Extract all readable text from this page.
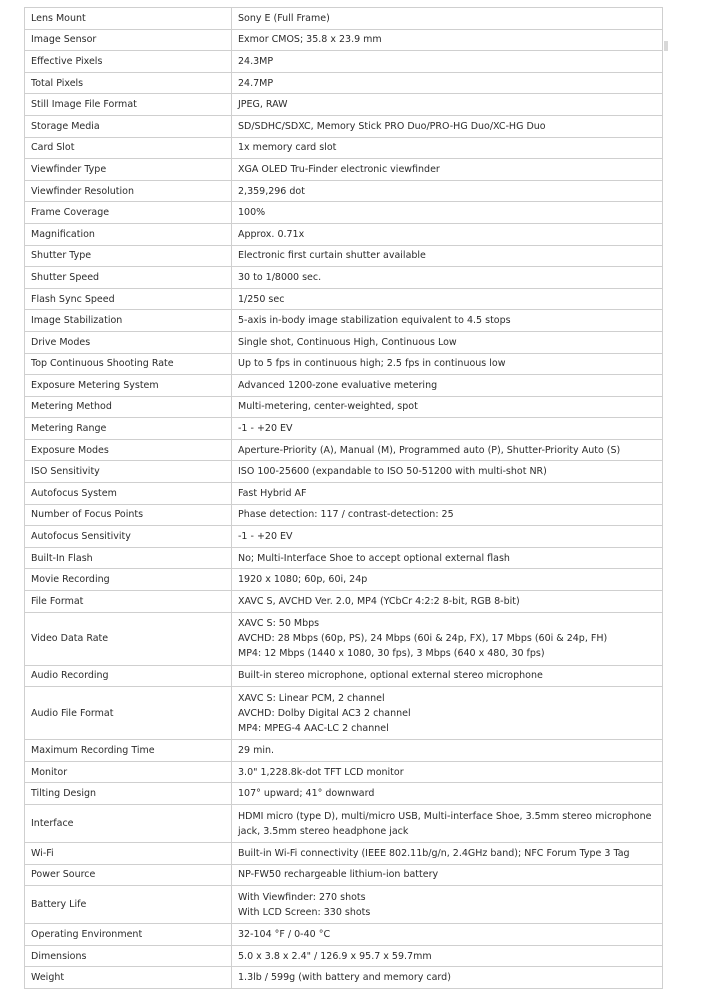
Lens Mount	Sony E (Full Frame)

Image Sensor	Exmor CMOS; 35.8 x 23.9 mm

Effective Pixels	24.3MP

Total Pixels	24.7MP

Still Image File Format	JPEG, RAW

Storage Media	SD/SDHC/SDXC, Memory Stick PRO Duo/PRO-HG Duo/XC-HG Duo

Card Slot	1x memory card slot

Viewfinder Type	XGA OLED Tru-Finder electronic viewfinder

Viewfinder Resolution	2,359,296 dot

Frame Coverage	100%

Magnification	Approx. 0.71x

Shutter Type	Electronic first curtain shutter available

Shutter Speed	30 to 1/8000 sec.

Flash Sync Speed	1/250 sec

Image Stabilization	5-axis in-body image stabilization equivalent to 4.5 stops

Drive Modes	Single shot, Continuous High, Continuous Low

Top Continuous Shooting Rate	Up to 5 fps in continuous high; 2.5 fps in continuous low

Exposure Metering System	Advanced 1200-zone evaluative metering

Metering Method	Multi-metering, center-weighted, spot

Metering Range	-1 - +20 EV

Exposure Modes	Aperture-Priority (A), Manual (M), Programmed auto (P), Shutter-Priority Auto (S)

ISO Sensitivity	ISO 100-25600 (expandable to ISO 50-51200 with multi-shot NR)

Autofocus System	Fast Hybrid AF

Number of Focus Points	Phase detection: 117 / contrast-detection: 25

Autofocus Sensitivity	-1 - +20 EV

Built-In Flash	No; Multi-Interface Shoe to accept optional external flash

Movie Recording	1920 x 1080; 60p, 60i, 24p

File Format	XAVC S, AVCHD Ver. 2.0, MP4 (YCbCr 4:2:2 8-bit, RGB 8-bit)

Video Data Rate	XAVC S: 50 Mbps
AVCHD: 28 Mbps (60p, PS), 24 Mbps (60i & 24p, FX), 17 Mbps (60i & 24p, FH)
MP4: 12 Mbps (1440 x 1080, 30 fps), 3 Mbps (640 x 480, 30 fps)

Audio Recording	Built-in stereo microphone, optional external stereo microphone

Audio File Format	XAVC S: Linear PCM, 2 channel
AVCHD: Dolby Digital AC3 2 channel
MP4: MPEG-4 AAC-LC 2 channel

Maximum Recording Time	29 min.

Monitor	3.0" 1,228.8k-dot TFT LCD monitor

Tilting Design	107° upward; 41° downward

Interface	HDMI micro (type D), multi/micro USB, Multi-interface Shoe, 3.5mm stereo microphone
jack, 3.5mm stereo headphone jack

Wi-Fi	Built-in Wi-Fi connectivity (IEEE 802.11b/g/n, 2.4GHz band); NFC Forum Type 3 Tag

Power Source	NP-FW50 rechargeable lithium-ion battery

Battery Life	With Viewfinder: 270 shots
With LCD Screen: 330 shots

Operating Environment	32-104 °F / 0-40 °C

Dimensions	5.0 x 3.8 x 2.4" / 126.9 x 95.7 x 59.7mm

Weight	1.3lb / 599g (with battery and memory card)
